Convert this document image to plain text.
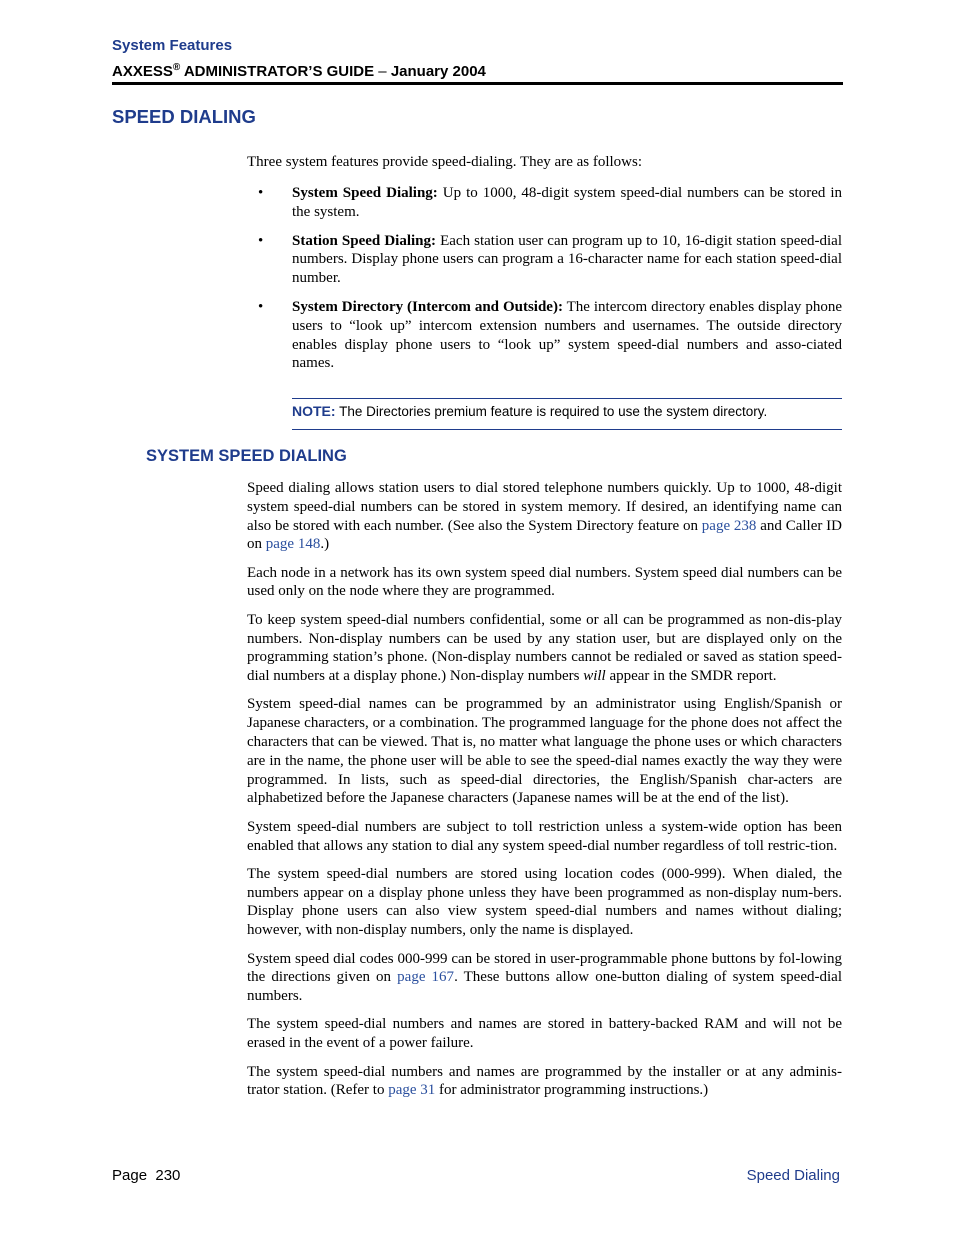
System Features
AXXESS® ADMINISTRATOR’S GUIDE – January 2004
SPEED DIALING

Three system features provide speed-dialing. They are as follows:

• System Speed Dialing: Up to 1000, 48-digit system speed-dial numbers can be stored in the system.
• Station Speed Dialing: Each station user can program up to 10, 16-digit station speed-dial numbers. Display phone users can program a 16-character name for each station speed-dial number.
• System Directory (Intercom and Outside): The intercom directory enables display phone users to “look up” intercom extension numbers and usernames. The outside directory enables display phone users to “look up” system speed-dial numbers and asso-ciated names.
NOTE: The Directories premium feature is required to use the system directory.
SYSTEM SPEED DIALING

Speed dialing allows station users to dial stored telephone numbers quickly. Up to 1000, 48-digit system speed-dial numbers can be stored in system memory. If desired, an identifying name can also be stored with each number. (See also the System Directory feature on page 238 and Caller ID on page 148.)

Each node in a network has its own system speed dial numbers. System speed dial numbers can be used only on the node where they are programmed.

To keep system speed-dial numbers confidential, some or all can be programmed as non-dis-play numbers. Non-display numbers can be used by any station user, but are displayed only on the programming station’s phone. (Non-display numbers cannot be redialed or saved as station speed-dial numbers at a display phone.) Non-display numbers will appear in the SMDR report.

System speed-dial names can be programmed by an administrator using English/Spanish or Japanese characters, or a combination. The programmed language for the phone does not affect the characters that can be viewed. That is, no matter what language the phone uses or which characters are in the name, the phone user will be able to see the speed-dial names exactly the way they were programmed. In lists, such as speed-dial directories, the English/Spanish char-acters are alphabetized before the Japanese characters (Japanese names will be at the end of the list).

System speed-dial numbers are subject to toll restriction unless a system-wide option has been enabled that allows any station to dial any system speed-dial number regardless of toll restric-tion.

The system speed-dial numbers are stored using location codes (000-999). When dialed, the numbers appear on a display phone unless they have been programmed as non-display num-bers. Display phone users can also view system speed-dial numbers and names without dialing; however, with non-display numbers, only the name is displayed.

System speed dial codes 000-999 can be stored in user-programmable phone buttons by fol-lowing the directions given on page 167. These buttons allow one-button dialing of system speed-dial numbers.

The system speed-dial numbers and names are stored in battery-backed RAM and will not be erased in the event of a power failure.

The system speed-dial numbers and names are programmed by the installer or at any adminis-trator station. (Refer to page 31 for administrator programming instructions.)

Page  230	Speed Dialing
